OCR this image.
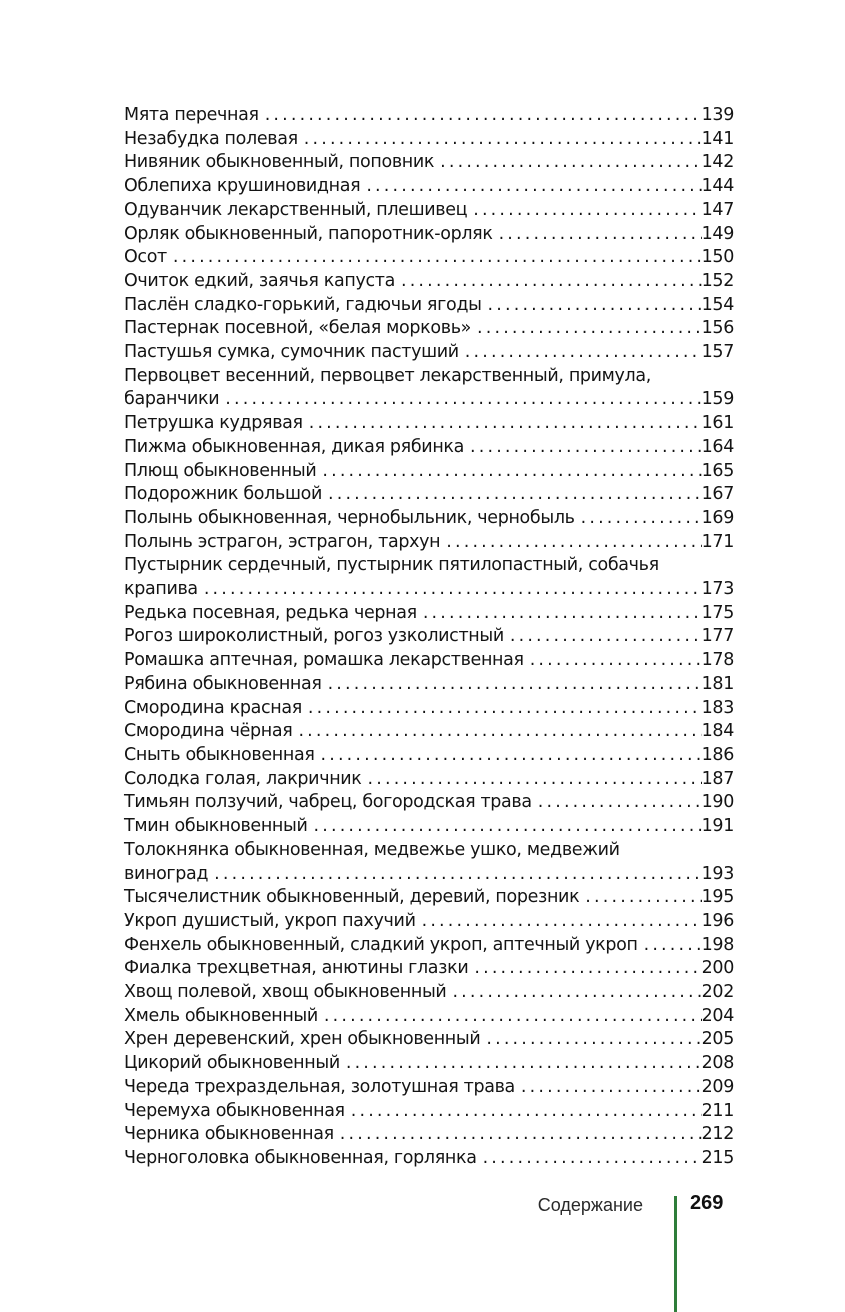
Мята перечная . . .	139
Незабудка полевая . . .	141
Нивяник обыкновенный, поповник . . .	142
Облепиха крушиновидная . . .	144
Одуванчик лекарственный, плешивец . . .	147
Орляк обыкновенный, папоротник-орляк . . .	149
Осот . . .	150
Очиток едкий, заячья капуста . . .	152
Паслён сладко-горький, гадючьи ягоды . . .	154
Пастернак посевной, «белая морковь» . . .	156
Пастушья сумка, сумочник пастуший . . .	157
Первоцвет весенний, первоцвет лекарственный, примула,
баранчики . . .	159
Петрушка кудрявая . . .	161
Пижма обыкновенная, дикая рябинка . . .	164
Плющ обыкновенный . . .	165
Подорожник большой . . .	167
Полынь обыкновенная, чернобыльник, чернобыль . . .	169
Полынь эстрагон, эстрагон, тархун . . .	171
Пустырник сердечный, пустырник пятилопастный, собачья
крапива . . .	173
Редька посевная, редька черная . . .	175
Рогоз широколистный, рогоз узколистный . . .	177
Ромашка аптечная, ромашка лекарственная . . .	178
Рябина обыкновенная . . .	181
Смородина красная . . .	183
Смородина чёрная . . .	184
Сныть обыкновенная . . .	186
Солодка голая, лакричник . . .	187
Тимьян ползучий, чабрец, богородская трава . . .	190
Тмин обыкновенный . . .	191
Толокнянка обыкновенная, медвежье ушко, медвежий
виноград . . .	193
Тысячелистник обыкновенный, деревий, порезник . . .	195
Укроп душистый, укроп пахучий . . .	196
Фенхель обыкновенный, сладкий укроп, аптечный укроп . . .	198
Фиалка трехцветная, анютины глазки . . .	200
Хвощ полевой, хвощ обыкновенный . . .	202
Хмель обыкновенный . . .	204
Хрен деревенский, хрен обыкновенный . . .	205
Цикорий обыкновенный . . .	208
Череда трехраздельная, золотушная трава . . .	209
Черемуха обыкновенная . . .	211
Черника обыкновенная . . .	212
Черноголовка обыкновенная, горлянка . . .	215
Содержание 269
